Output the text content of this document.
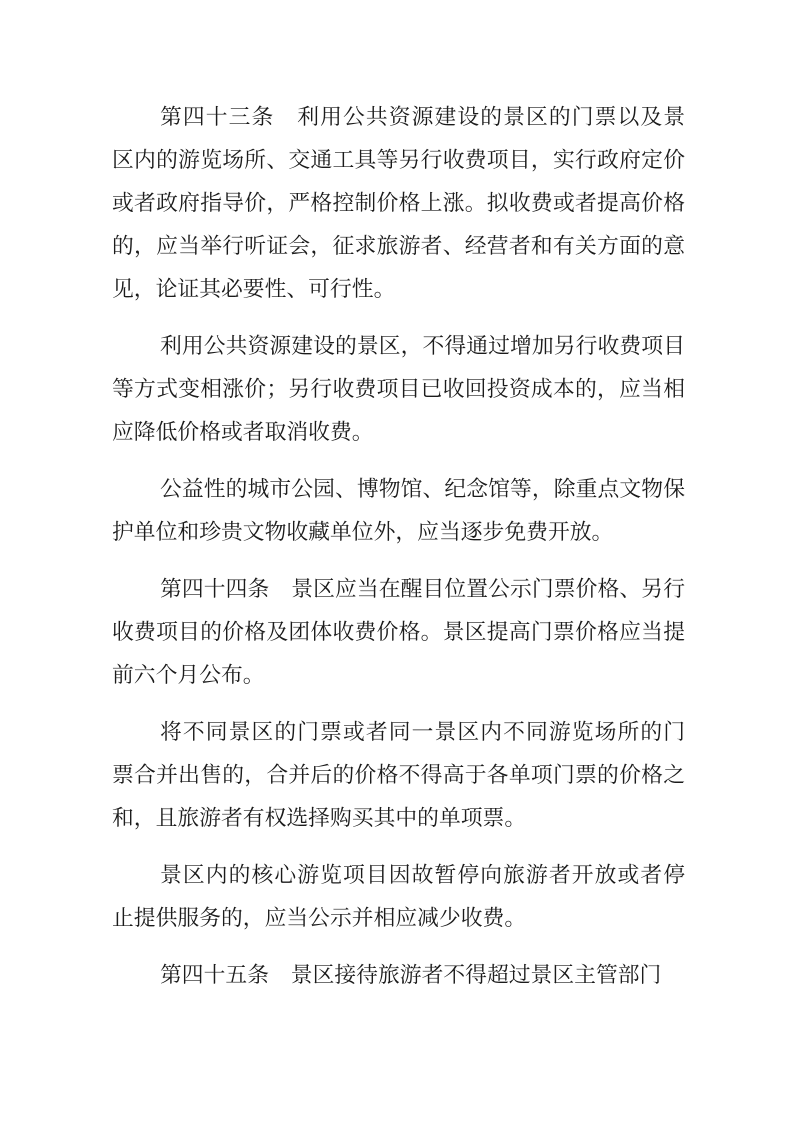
第四十三条　利用公共资源建设的景区的门票以及景
区内的游览场所、交通工具等另行收费项目，实行政府定价
或者政府指导价，严格控制价格上涨。拟收费或者提高价格
的，应当举行听证会，征求旅游者、经营者和有关方面的意
见，论证其必要性、可行性。
利用公共资源建设的景区，不得通过增加另行收费项目
等方式变相涨价；另行收费项目已收回投资成本的，应当相
应降低价格或者取消收费。
公益性的城市公园、博物馆、纪念馆等，除重点文物保
护单位和珍贵文物收藏单位外，应当逐步免费开放。
第四十四条　景区应当在醒目位置公示门票价格、另行
收费项目的价格及团体收费价格。景区提高门票价格应当提
前六个月公布。
将不同景区的门票或者同一景区内不同游览场所的门
票合并出售的，合并后的价格不得高于各单项门票的价格之
和，且旅游者有权选择购买其中的单项票。
景区内的核心游览项目因故暂停向旅游者开放或者停
止提供服务的，应当公示并相应减少收费。
第四十五条　景区接待旅游者不得超过景区主管部门
